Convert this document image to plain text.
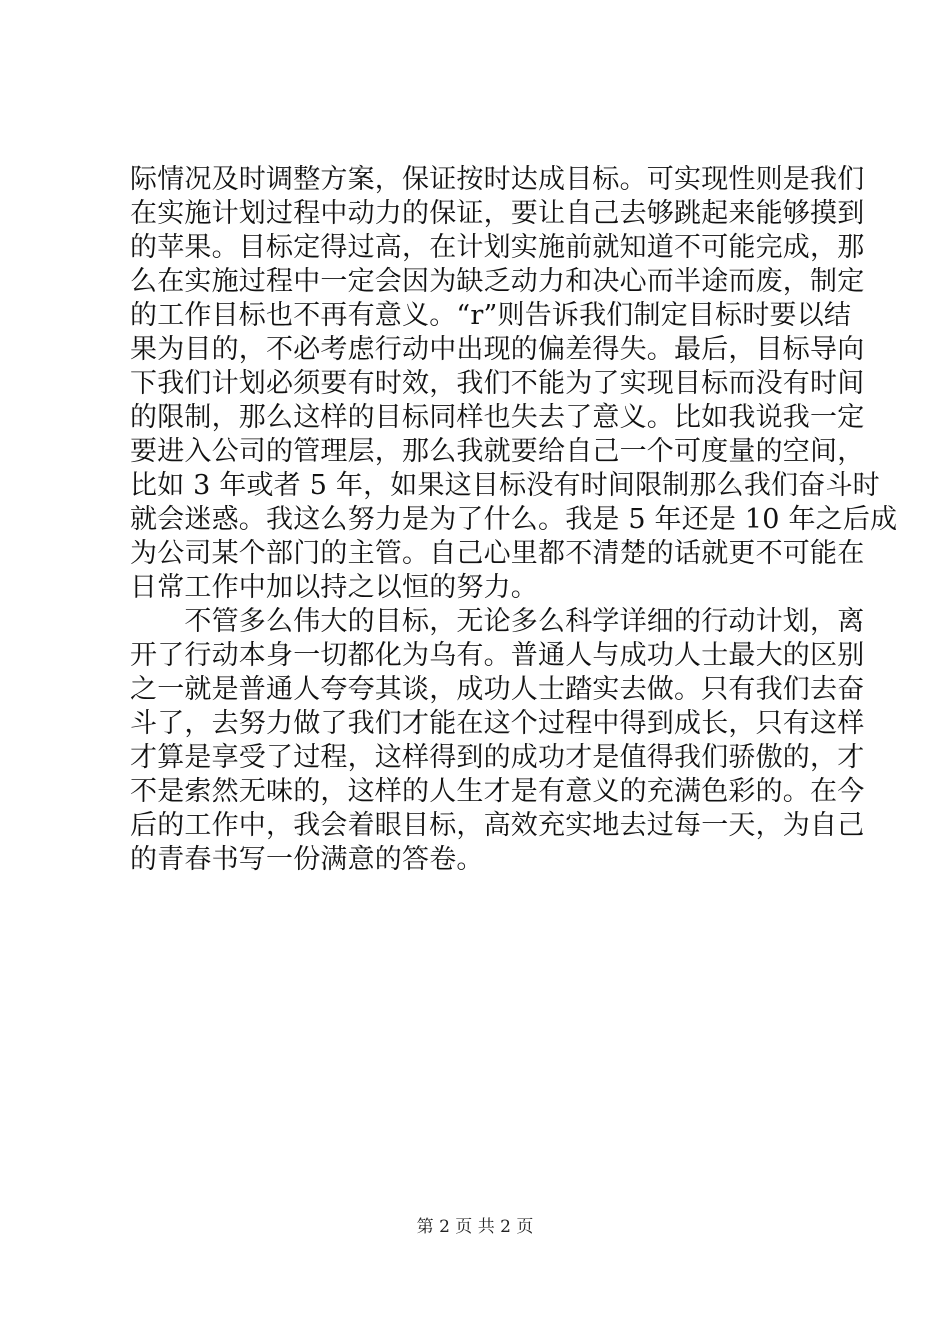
际情况及时调整方案，保证按时达成目标。可实现性则是我们
在实施计划过程中动力的保证，要让自己去够跳起来能够摸到
的苹果。目标定得过高，在计划实施前就知道不可能完成，那
么在实施过程中一定会因为缺乏动力和决心而半途而废，制定
的工作目标也不再有意义。“r”则告诉我们制定目标时要以结
果为目的，不必考虑行动中出现的偏差得失。最后，目标导向
下我们计划必须要有时效，我们不能为了实现目标而没有时间
的限制，那么这样的目标同样也失去了意义。比如我说我一定
要进入公司的管理层，那么我就要给自己一个可度量的空间，
比如 3 年或者 5 年，如果这目标没有时间限制那么我们奋斗时
就会迷惑。我这么努力是为了什么。我是 5 年还是 10 年之后成
为公司某个部门的主管。自己心里都不清楚的话就更不可能在
日常工作中加以持之以恒的努力。
　　不管多么伟大的目标，无论多么科学详细的行动计划，离
开了行动本身一切都化为乌有。普通人与成功人士最大的区别
之一就是普通人夸夸其谈，成功人士踏实去做。只有我们去奋
斗了，去努力做了我们才能在这个过程中得到成长，只有这样
才算是享受了过程，这样得到的成功才是值得我们骄傲的，才
不是索然无味的，这样的人生才是有意义的充满色彩的。在今
后的工作中，我会着眼目标，高效充实地去过每一天，为自己
的青春书写一份满意的答卷。
第 2 页 共 2 页
